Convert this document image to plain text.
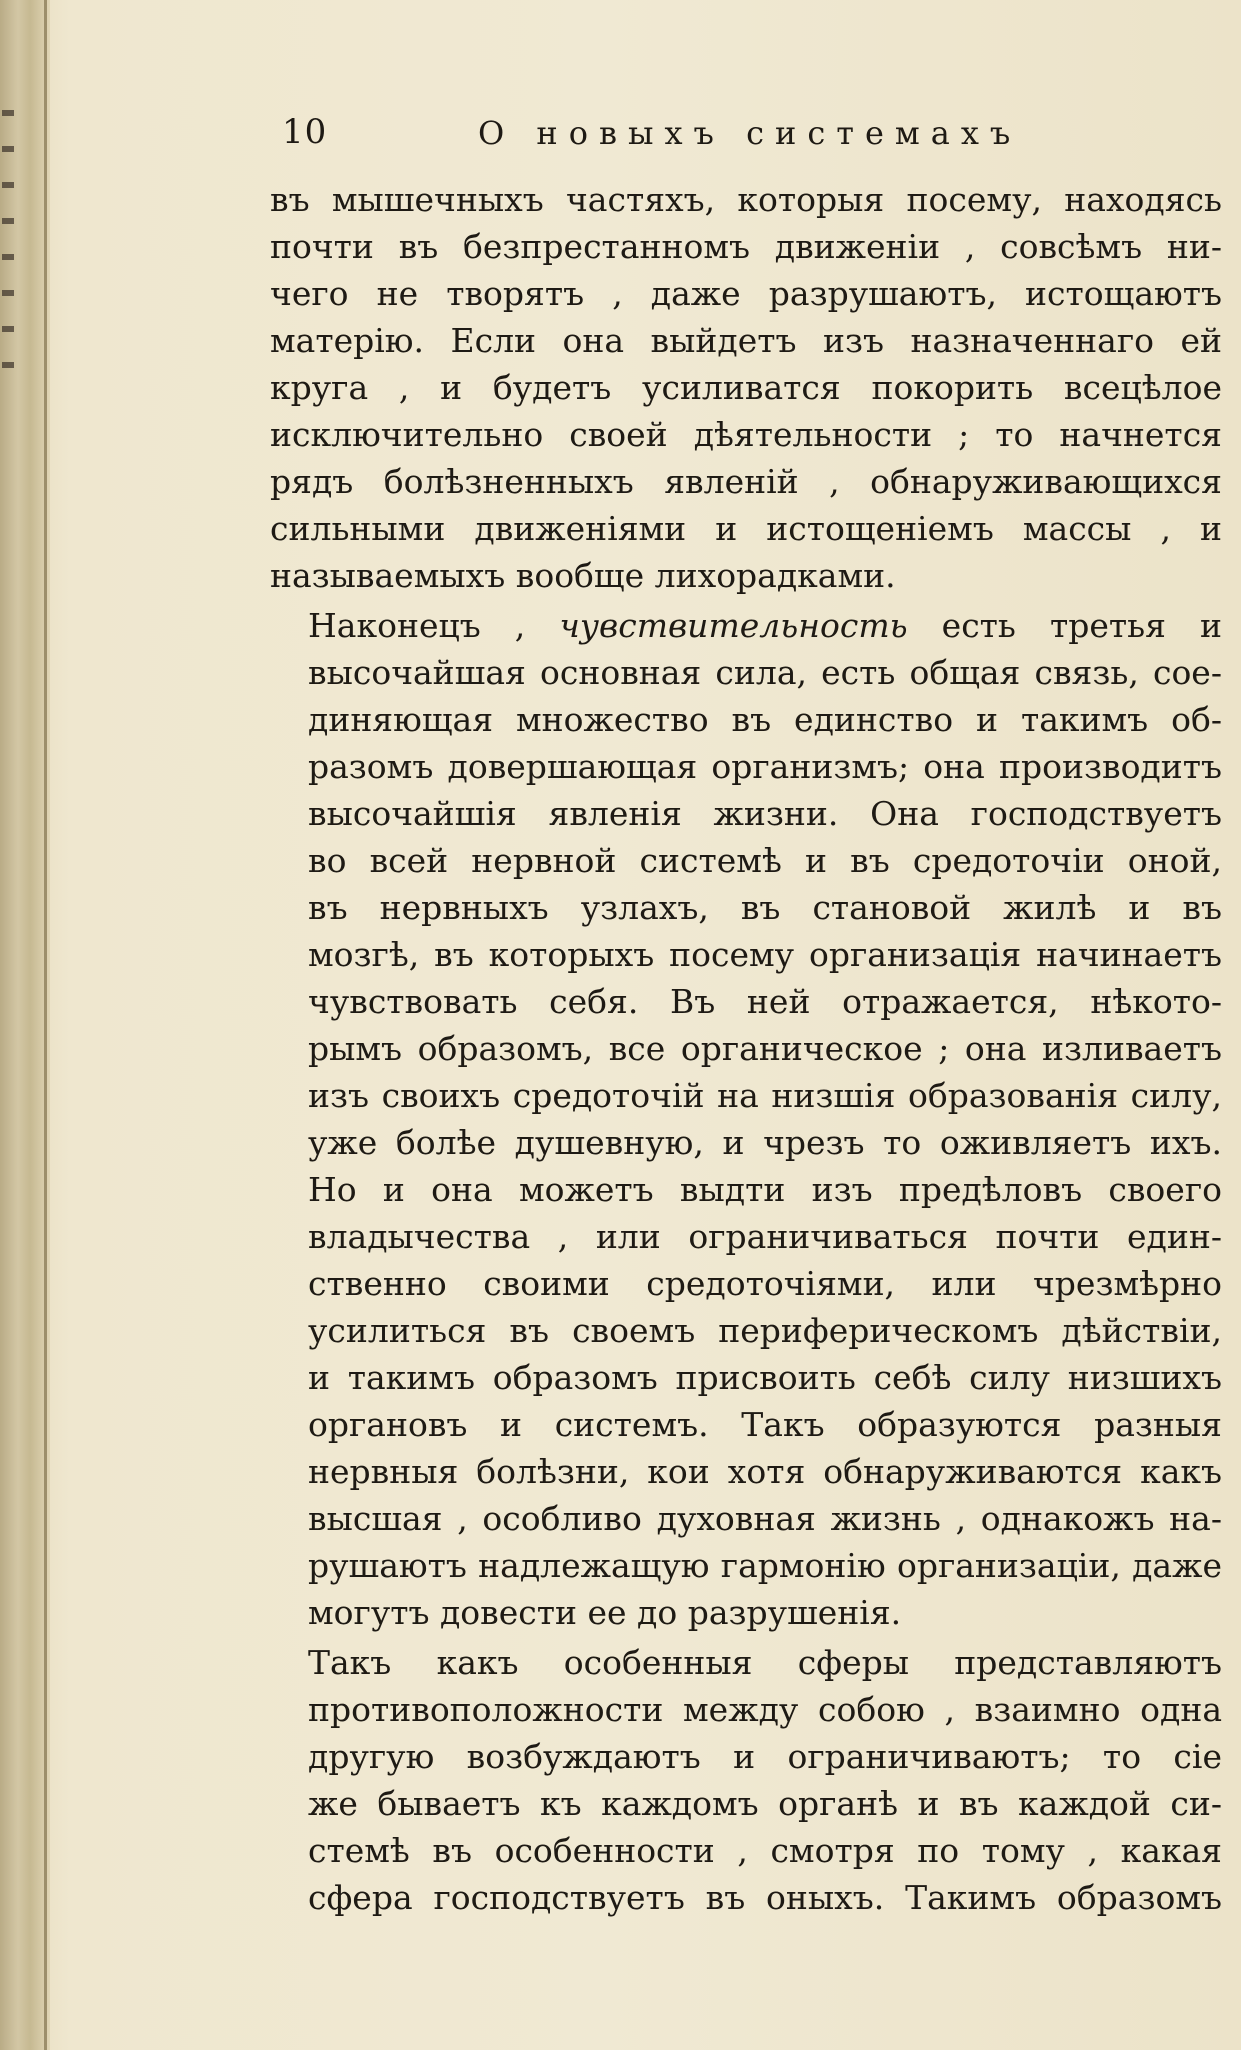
10	О новыхъ системахъ
въ мышечныхъ частяхъ, которыя посему, находясь
почти въ безпрестанномъ движеніи , совсѣмъ ни-
чего не творятъ , даже разрушаютъ, истощаютъ
матерію. Если она выйдетъ изъ назначеннаго ей
круга , и будетъ усиливатся покорить всецѣлое
исключительно своей дѣятельности ; то начнется
рядъ болѣзненныхъ явленій , обнаруживающихся
сильными движеніями и истощеніемъ массы , и
называемыхъ вообще лихорадками.
Наконецъ , чувствительность есть третья и
высочайшая основная сила, есть общая связь, сое-
диняющая множество въ единство и такимъ об-
разомъ довершающая организмъ; она производитъ
высочайшія явленія жизни. Она господствуетъ
во всей нервной системѣ и въ средоточіи оной,
въ нервныхъ узлахъ, въ становой жилѣ и въ
мозгѣ, въ которыхъ посему организація начинаетъ
чувствовать себя. Въ ней отражается, нѣкото-
рымъ образомъ, все органическое ; она изливаетъ
изъ своихъ средоточій на низшія образованія силу,
уже болѣе душевную, и чрезъ то оживляетъ ихъ.
Но и она можетъ выдти изъ предѣловъ своего
владычества , или ограничиваться почти един-
ственно своими средоточіями, или чрезмѣрно
усилиться въ своемъ периферическомъ дѣйствіи,
и такимъ образомъ присвоить себѣ силу низшихъ
органовъ и системъ. Такъ образуются разныя
нервныя болѣзни, кои хотя обнаруживаются какъ
высшая , особливо духовная жизнь , однакожъ на-
рушаютъ надлежащую гармонію организаціи, даже
могутъ довести ее до разрушенія.
Такъ какъ особенныя сферы представляютъ
противоположности между собою , взаимно одна
другую возбуждаютъ и ограничиваютъ; то сіе
же бываетъ къ каждомъ органѣ и въ каждой си-
стемѣ въ особенности , смотря по тому , какая
сфера господствуетъ въ оныхъ. Такимъ образомъ
